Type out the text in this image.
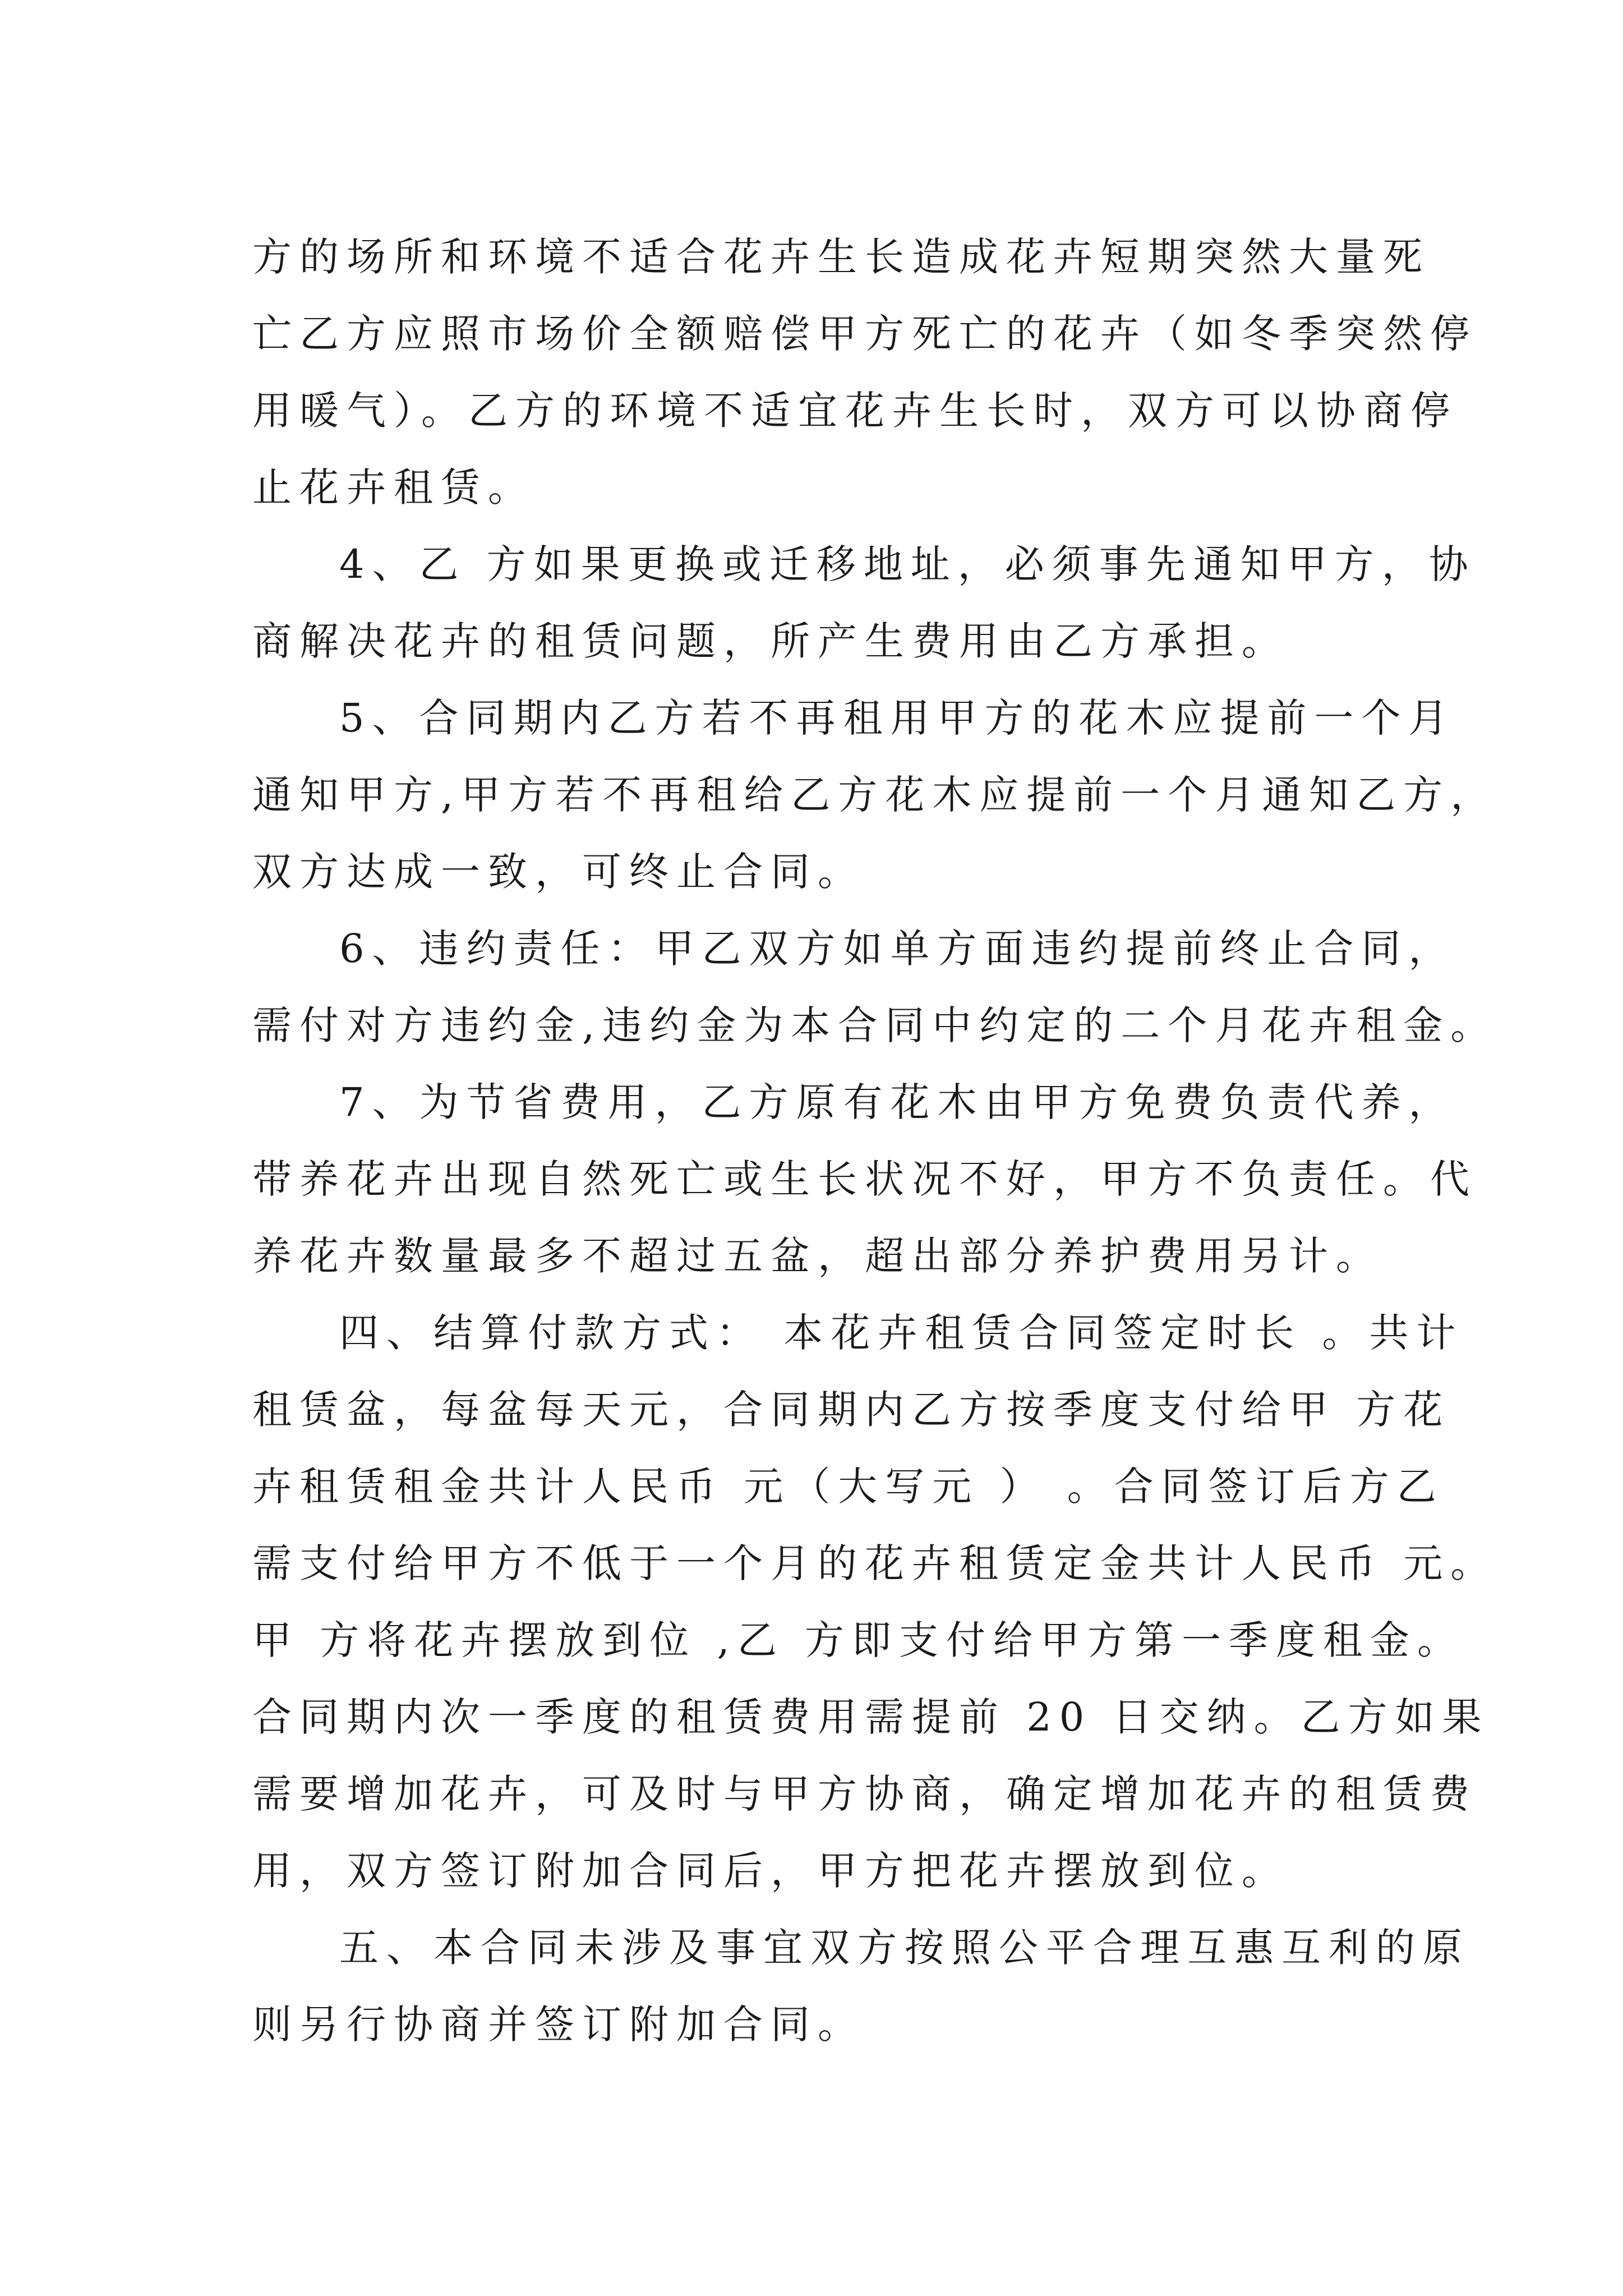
方的场所和环境不适合花卉生长造成花卉短期突然大量死
亡乙方应照市场价全额赔偿甲方死亡的花卉（如冬季突然停
用暖气）。乙方的环境不适宜花卉生长时，双方可以协商停
止花卉租赁。
4、乙 方如果更换或迁移地址，必须事先通知甲方，协
商解决花卉的租赁问题，所产生费用由乙方承担。
5、合同期内乙方若不再租用甲方的花木应提前一个月
通知甲方,甲方若不再租给乙方花木应提前一个月通知乙方，
双方达成一致，可终止合同。
6、违约责任：甲乙双方如单方面违约提前终止合同，
需付对方违约金,违约金为本合同中约定的二个月花卉租金。
7、为节省费用，乙方原有花木由甲方免费负责代养，
带养花卉出现自然死亡或生长状况不好，甲方不负责任。代
养花卉数量最多不超过五盆，超出部分养护费用另计。
四、结算付款方式： 本花卉租赁合同签定时长 。共计
租赁盆，每盆每天元，合同期内乙方按季度支付给甲 方花
卉租赁租金共计人民币 元（大写元 ） 。合同签订后方乙
需支付给甲方不低于一个月的花卉租赁定金共计人民币 元。
甲 方将花卉摆放到位 ,乙 方即支付给甲方第一季度租金。
合同期内次一季度的租赁费用需提前 20 日交纳。乙方如果
需要增加花卉，可及时与甲方协商，确定增加花卉的租赁费
用，双方签订附加合同后，甲方把花卉摆放到位。
五、本合同未涉及事宜双方按照公平合理互惠互利的原
则另行协商并签订附加合同。
